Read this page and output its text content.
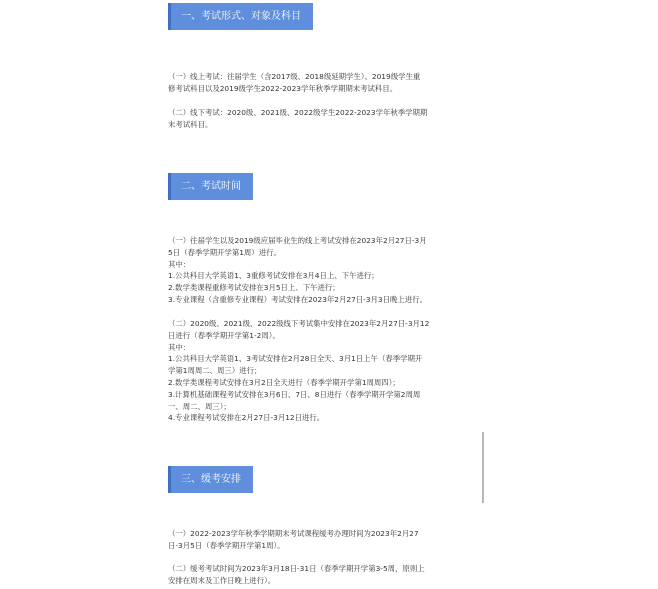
一、考试形式、对象及科目
（一）线上考试：往届学生（含2017级、2018级延期学生）、2019级学生重
修考试科目以及2019级学生2022-2023学年秋季学期期末考试科目。
（二）线下考试：2020级、2021级、2022级学生2022-2023学年秋季学期期
末考试科目。
二、考试时间
（一）往届学生以及2019级应届毕业生的线上考试安排在2023年2月27日-3月
5日（春季学期开学第1周）进行。
其中：
1.公共科目大学英语1、3重修考试安排在3月4日上、下午进行；
2.数学类课程重修考试安排在3月5日上、下午进行；
3.专业课程（含重修专业课程）考试安排在2023年2月27日-3月3日晚上进行。
（二）2020级、2021级、2022级线下考试集中安排在2023年2月27日-3月12
日进行（春季学期开学第1-2周）。
其中：
1.公共科目大学英语1、3考试安排在2月28日全天、3月1日上午（春季学期开
学第1周周二、周三）进行；
2.数学类课程考试安排在3月2日全天进行（春季学期开学第1周周四）；
3.计算机基础课程考试安排在3月6日、7日、8日进行（春季学期开学第2周周
一、周二、周三）；
4.专业课程考试安排在2月27日-3月12日进行。
三、缓考安排
（一）2022-2023学年秋季学期期末考试课程缓考办理时间为2023年2月27
日-3月5日（春季学期开学第1周）。
（二）缓考考试时间为2023年3月18日-31日（春季学期开学第3-5周，原则上
安排在周末及工作日晚上进行）。
